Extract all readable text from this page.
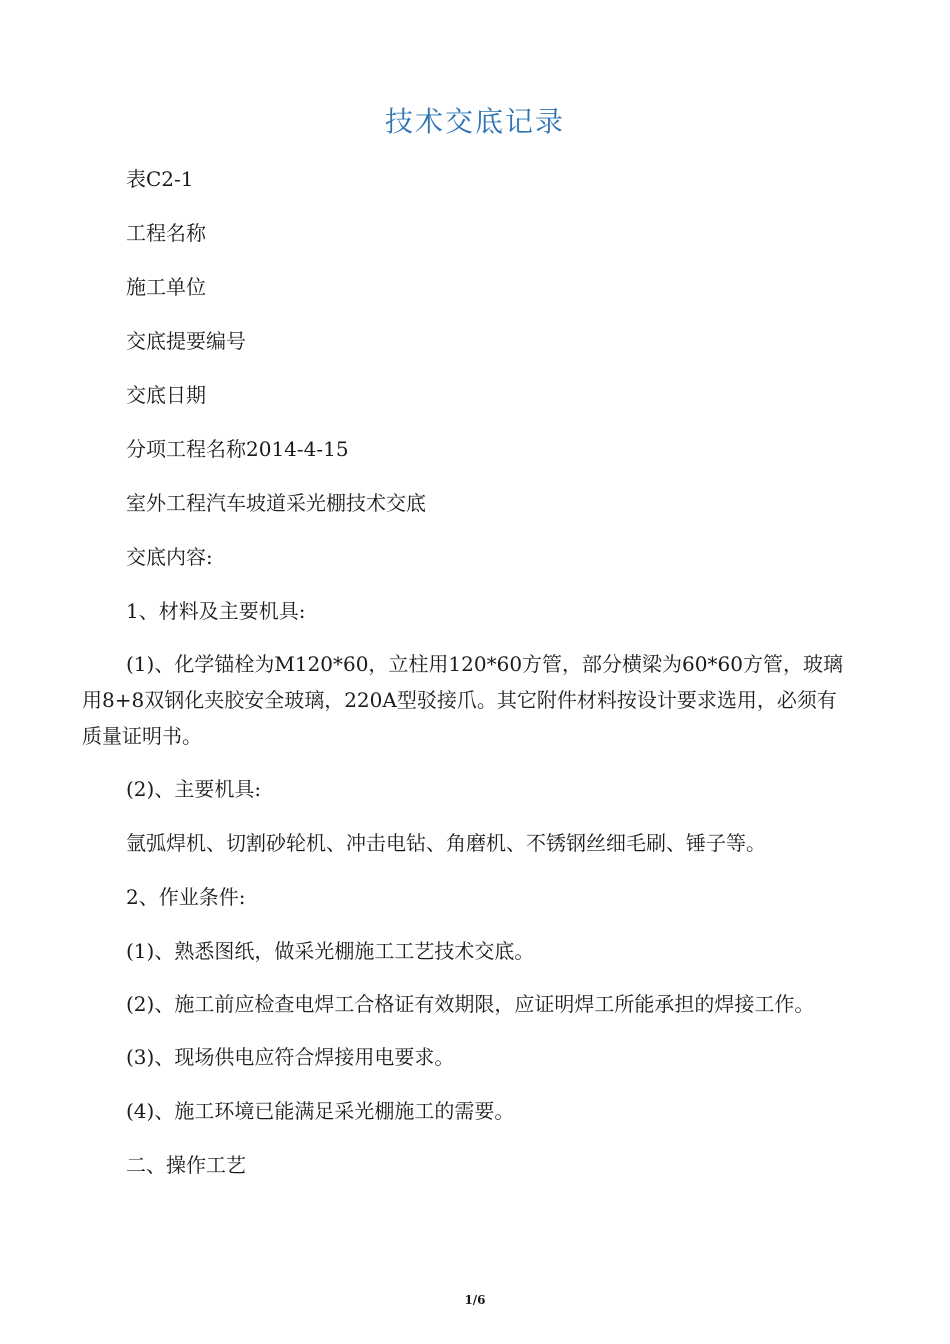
技术交底记录

表C2-1

工程名称

施工单位

交底提要编号

交底日期

分项工程名称2014-4-15

室外工程汽车坡道采光棚技术交底

交底内容:

1、材料及主要机具:

(1)、化学锚栓为M120*60，立柱用120*60方管，部分横梁为60*60方管，玻璃用8+8双钢化夹胶安全玻璃，220A型驳接爪。其它附件材料按设计要求选用，必须有质量证明书。

(2)、主要机具:

氩弧焊机、切割砂轮机、冲击电钻、角磨机、不锈钢丝细毛刷、锤子等。

2、作业条件:

(1)、熟悉图纸，做采光棚施工工艺技术交底。

(2)、施工前应检查电焊工合格证有效期限，应证明焊工所能承担的焊接工作。

(3)、现场供电应符合焊接用电要求。

(4)、施工环境已能满足采光棚施工的需要。

二、操作工艺

1/6
